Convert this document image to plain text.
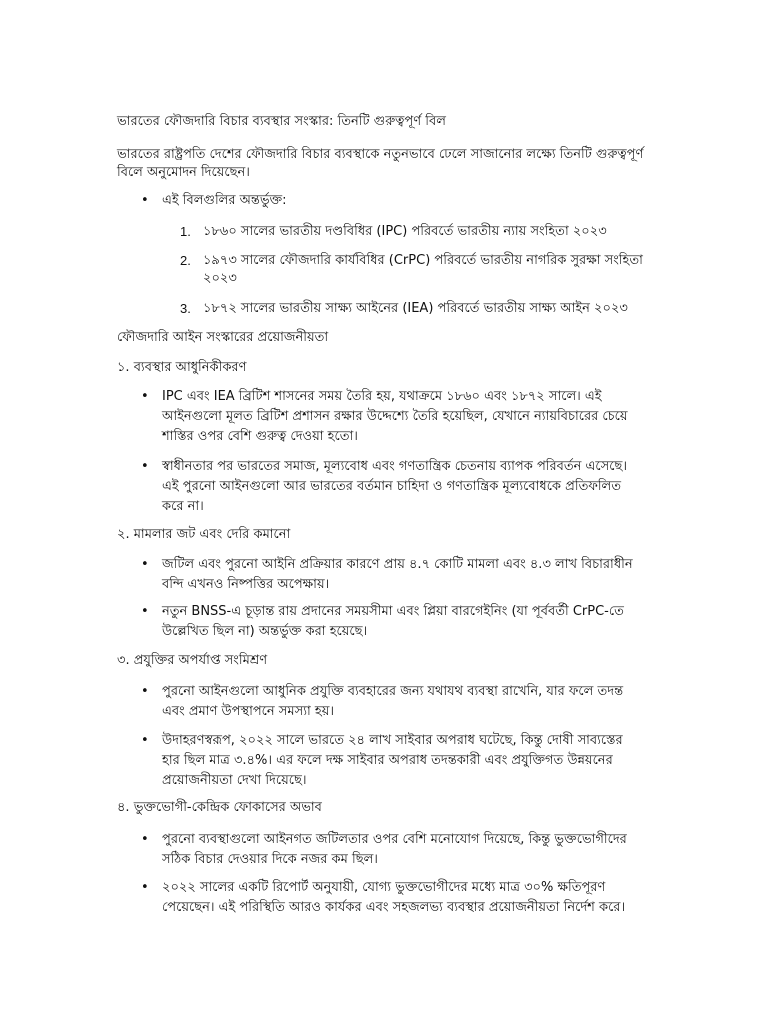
ভারতের ফৌজদারি বিচার ব্যবস্থার সংস্কার: তিনটি গুরুত্বপূর্ণ বিল

ভারতের রাষ্ট্রপতি দেশের ফৌজদারি বিচার ব্যবস্থাকে নতুনভাবে ঢেলে সাজানোর লক্ষ্যে তিনটি গুরুত্বপূর্ণ বিলে অনুমোদন দিয়েছেন।

• এই বিলগুলির অন্তর্ভুক্ত:
1. ১৮৬০ সালের ভারতীয় দণ্ডবিধির (IPC) পরিবর্তে ভারতীয় ন্যায় সংহিতা ২০২৩
2. ১৯৭৩ সালের ফৌজদারি কার্যবিধির (CrPC) পরিবর্তে ভারতীয় নাগরিক সুরক্ষা সংহিতা ২০২৩
3. ১৮৭২ সালের ভারতীয় সাক্ষ্য আইনের (IEA) পরিবর্তে ভারতীয় সাক্ষ্য আইন ২০২৩

ফৌজদারি আইন সংস্কারের প্রয়োজনীয়তা

১. ব্যবস্থার আধুনিকীকরণ

• IPC এবং IEA ব্রিটিশ শাসনের সময় তৈরি হয়, যথাক্রমে ১৮৬০ এবং ১৮৭২ সালে। এই আইনগুলো মূলত ব্রিটিশ প্রশাসন রক্ষার উদ্দেশ্যে তৈরি হয়েছিল, যেখানে ন্যায়বিচারের চেয়ে শাস্তির ওপর বেশি গুরুত্ব দেওয়া হতো।
• স্বাধীনতার পর ভারতের সমাজ, মূল্যবোধ এবং গণতান্ত্রিক চেতনায় ব্যাপক পরিবর্তন এসেছে। এই পুরনো আইনগুলো আর ভারতের বর্তমান চাহিদা ও গণতান্ত্রিক মূল্যবোধকে প্রতিফলিত করে না।

২. মামলার জট এবং দেরি কমানো

• জটিল এবং পুরনো আইনি প্রক্রিয়ার কারণে প্রায় ৪.৭ কোটি মামলা এবং ৪.৩ লাখ বিচারাধীন বন্দি এখনও নিষ্পত্তির অপেক্ষায়।
• নতুন BNSS-এ চূড়ান্ত রায় প্রদানের সময়সীমা এবং প্লিয়া বারগেইনিং (যা পূর্ববর্তী CrPC-তে উল্লেখিত ছিল না) অন্তর্ভুক্ত করা হয়েছে।

৩. প্রযুক্তির অপর্যাপ্ত সংমিশ্রণ

• পুরনো আইনগুলো আধুনিক প্রযুক্তি ব্যবহারের জন্য যথাযথ ব্যবস্থা রাখেনি, যার ফলে তদন্ত এবং প্রমাণ উপস্থাপনে সমস্যা হয়।
• উদাহরণস্বরূপ, ২০২২ সালে ভারতে ২৪ লাখ সাইবার অপরাধ ঘটেছে, কিন্তু দোষী সাব্যস্তের হার ছিল মাত্র ৩.৪%। এর ফলে দক্ষ সাইবার অপরাধ তদন্তকারী এবং প্রযুক্তিগত উন্নয়নের প্রয়োজনীয়তা দেখা দিয়েছে।

৪. ভুক্তভোগী-কেন্দ্রিক ফোকাসের অভাব

• পুরনো ব্যবস্থাগুলো আইনগত জটিলতার ওপর বেশি মনোযোগ দিয়েছে, কিন্তু ভুক্তভোগীদের সঠিক বিচার দেওয়ার দিকে নজর কম ছিল।
• ২০২২ সালের একটি রিপোর্ট অনুযায়ী, যোগ্য ভুক্তভোগীদের মধ্যে মাত্র ৩০% ক্ষতিপূরণ পেয়েছেন। এই পরিস্থিতি আরও কার্যকর এবং সহজলভ্য ব্যবস্থার প্রয়োজনীয়তা নির্দেশ করে।
